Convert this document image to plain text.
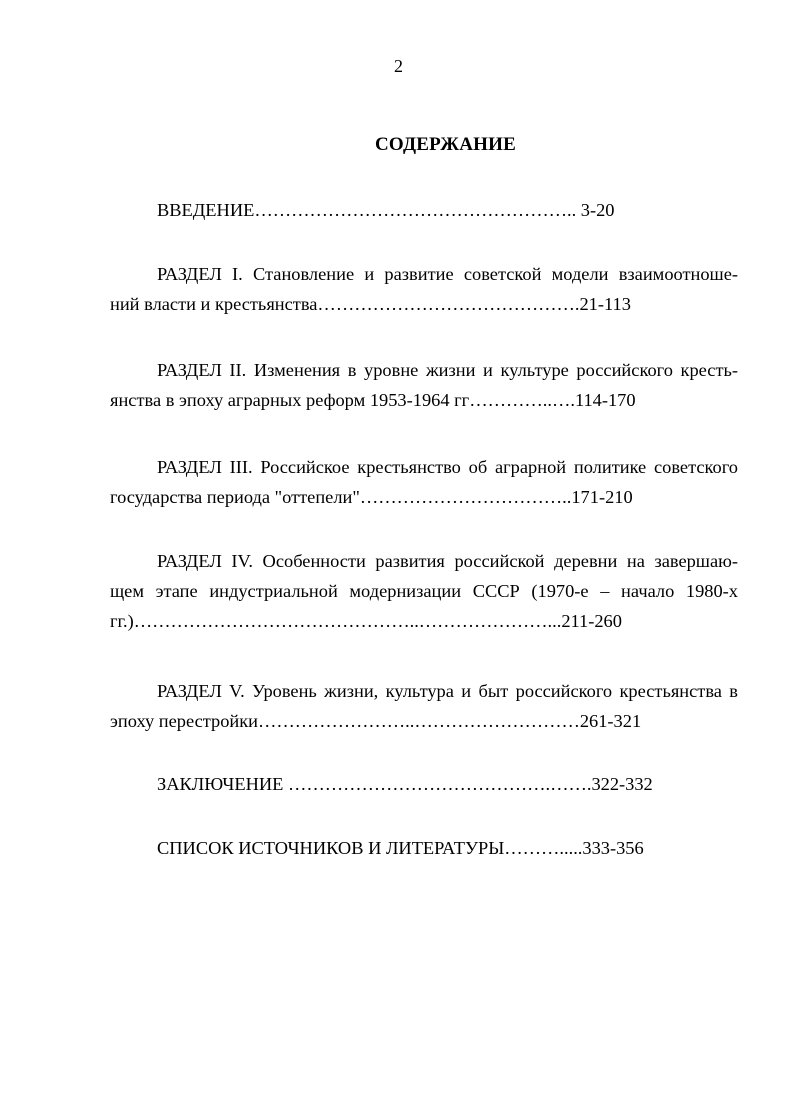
2
СОДЕРЖАНИЕ
ВВЕДЕНИЕ…………………………………………….. 3-20
РАЗДЕЛ I. Становление и развитие советской модели взаимоотноше-
ний власти и крестьянства…………………………………….21-113
РАЗДЕЛ II. Изменения в уровне жизни и культуре российского кресть-
янства в эпоху аграрных реформ 1953-1964 гг…………..….114-170
РАЗДЕЛ III. Российское крестьянство об аграрной политике советского
государства периода "оттепели"……………………………..171-210
РАЗДЕЛ IV. Особенности развития российской деревни на завершаю-
щем этапе индустриальной модернизации СССР (1970-е – начало 1980-х
гг.)………………………………………..…………………...211-260
РАЗДЕЛ V. Уровень жизни, культура и быт российского крестьянства в
эпоху перестройки……………………..………………………261-321
ЗАКЛЮЧЕНИЕ …………………………………….…….322-332
СПИСОК ИСТОЧНИКОВ И ЛИТЕРАТУРЫ……….....333-356
